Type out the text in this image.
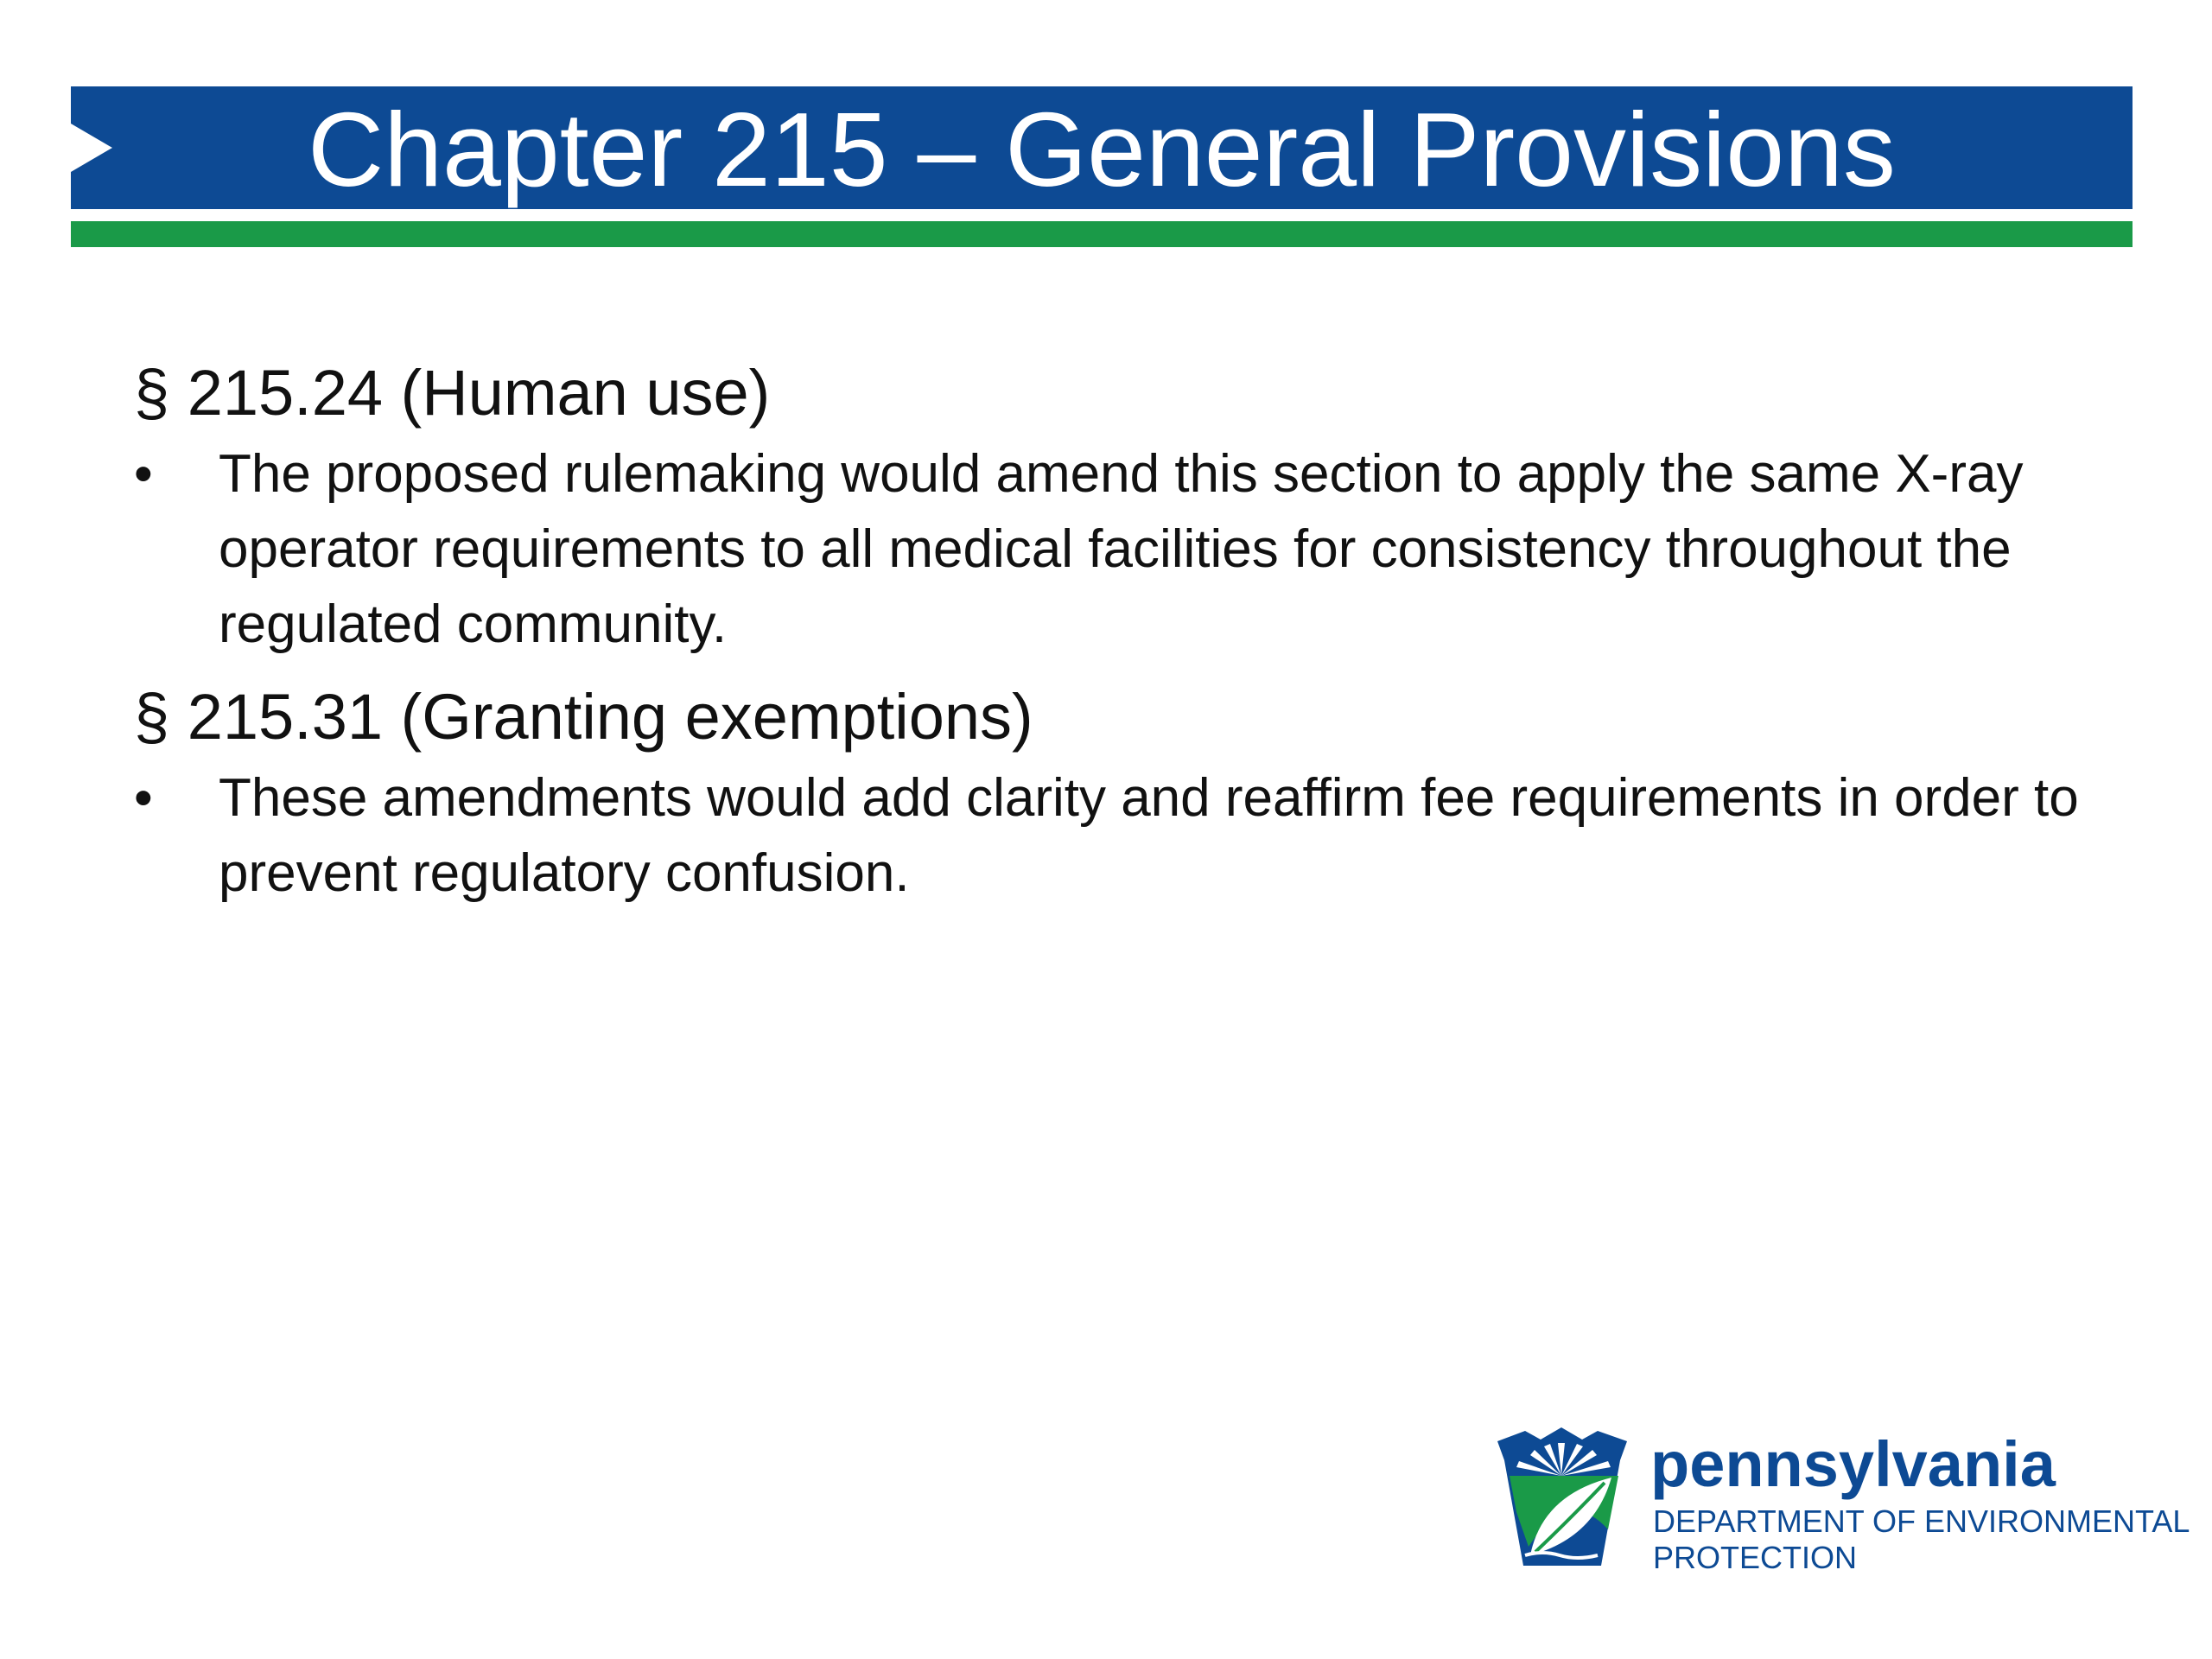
Chapter 215 – General Provisions

§ 215.24 (Human use)

• The proposed rulemaking would amend this section to apply the same X-ray operator requirements to all medical facilities for consistency throughout the regulated community.

§ 215.31 (Granting exemptions)

• These amendments would add clarity and reaffirm fee requirements in order to prevent regulatory confusion.
pennsylvania
DEPARTMENT OF ENVIRONMENTAL
PROTECTION
